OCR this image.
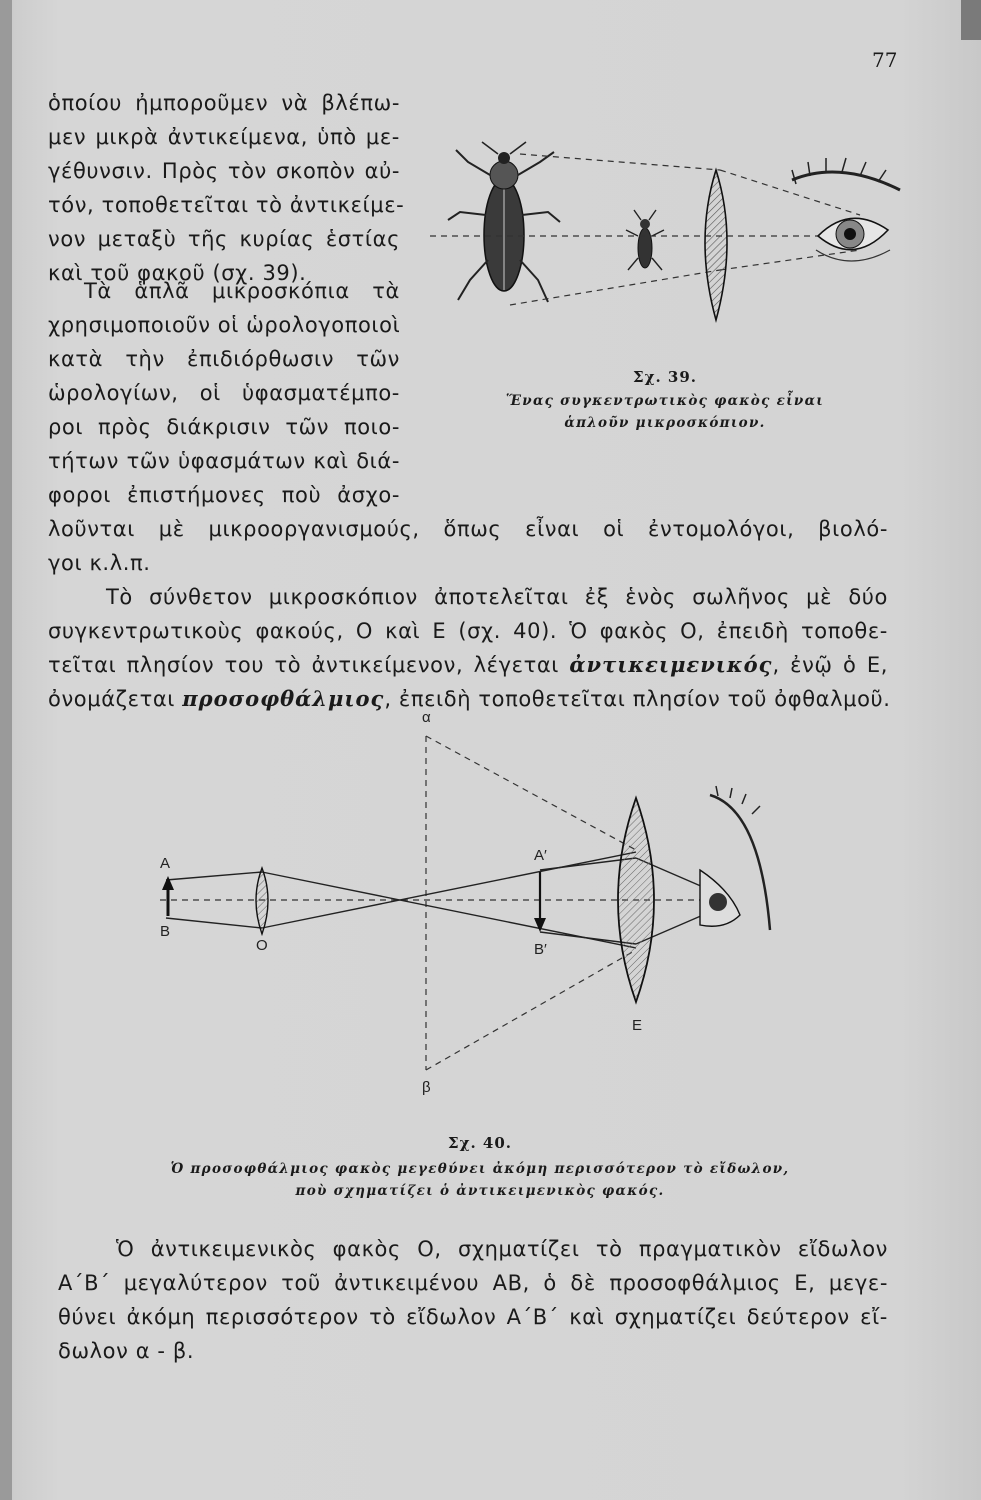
77
ὁποίου ἠμποροῦμεν νὰ βλέπω-
μεν μικρὰ ἀντικείμενα, ὑπὸ με-
γέθυνσιν. Πρὸς τὸν σκοπὸν αὐ-
τόν, τοποθετεῖται τὸ ἀντικείμε-
νον μεταξὺ τῆς κυρίας ἑστίας
καὶ τοῦ φακοῦ (σχ. 39).
Τὰ ἁπλᾶ μικροσκόπια τὰ
χρησιμοποιοῦν οἱ ὡρολογοποιοὶ
κατὰ τὴν ἐπιδιόρθωσιν τῶν
ὡρολογίων, οἱ ὑφασματέμπο-
ροι πρὸς διάκρισιν τῶν ποιο-
τήτων τῶν ὑφασμάτων καὶ διά-
φοροι ἐπιστήμονες ποὺ ἀσχο-
λοῦνται μὲ μικροοργανισμούς, ὅπως εἶναι οἱ ἐντομολόγοι, βιολό-
γοι κ.λ.π.
Τὸ σύνθετον μικροσκόπιον ἀποτελεῖται ἐξ ἑνὸς σωλῆνος μὲ δύο
συγκεντρωτικοὺς φακούς, Ο καὶ Ε (σχ. 40). Ὁ φακὸς Ο, ἐπειδὴ τοποθε-
τεῖται πλησίον του τὸ ἀντικείμενον, λέγεται ἀντικειμενικός, ἐνῷ ὁ Ε,
ὀνομάζεται προσοφθάλμιος, ἐπειδὴ τοποθετεῖται πλησίον τοῦ ὀφθαλμοῦ.
Σχ. 39.
Ἕνας συγκεντρωτικὸς φακὸς εἶναι
ἁπλοῦν μικροσκόπιον.
α
β
A
B
O
A′
B′
E
Σχ. 40.
Ὁ προσοφθάλμιος φακὸς μεγεθύνει ἀκόμη περισσότερον τὸ εἴδωλον,
ποὺ σχηματίζει ὁ ἀντικειμενικὸς φακός.
Ὁ ἀντικειμενικὸς φακὸς Ο, σχηματίζει τὸ πραγματικὸν εἴδωλον
Α΄Β΄ μεγαλύτερον τοῦ ἀντικειμένου ΑΒ, ὁ δὲ προσοφθάλμιος Ε, μεγε-
θύνει ἀκόμη περισσότερον τὸ εἴδωλον Α΄Β΄ καὶ σχηματίζει δεύτερον εἴ-
δωλον α - β.
